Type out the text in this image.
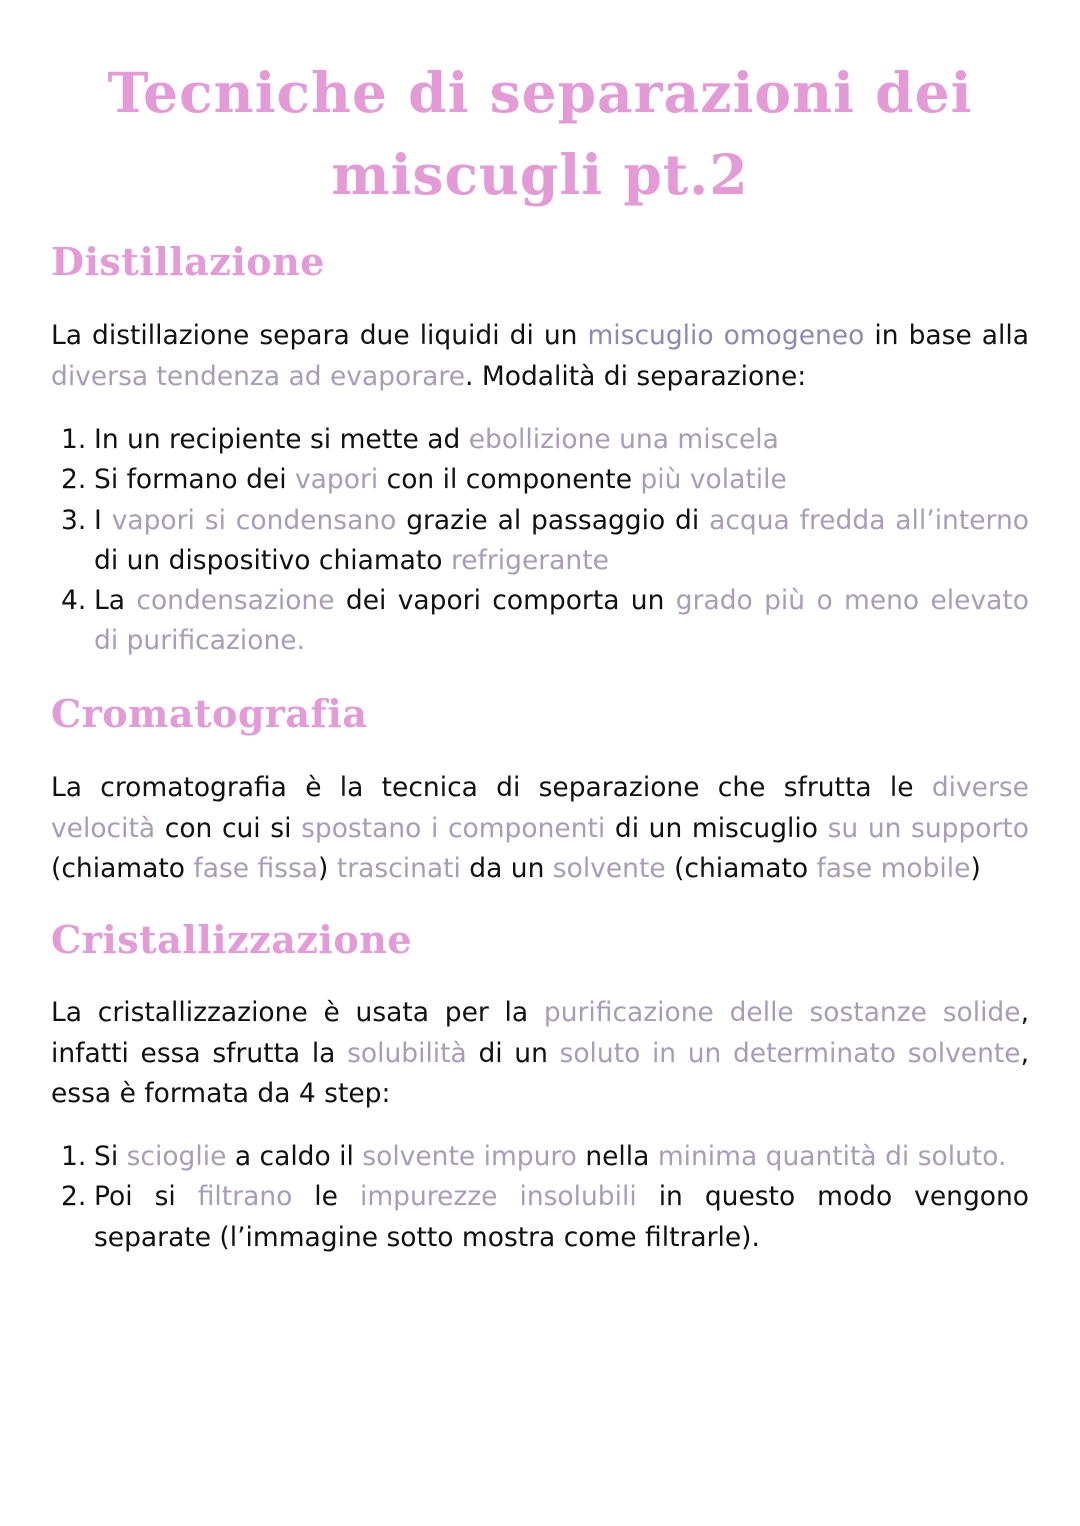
Tecniche di separazioni dei
miscugli pt.2
Distillazione

La distillazione separa due liquidi di un miscuglio omogeneo in base alla diversa tendenza ad evaporare. Modalità di separazione:

1. In un recipiente si mette ad ebollizione una miscela
2. Si formano dei vapori con il componente più volatile
3. I vapori si condensano grazie al passaggio di acqua fredda all’interno di un dispositivo chiamato refrigerante
4. La condensazione dei vapori comporta un grado più o meno elevato di purificazione.
Cromatografia

La cromatografia è la tecnica di separazione che sfrutta le diverse velocità con cui si spostano i componenti di un miscuglio su un supporto (chiamato fase fissa) trascinati da un solvente (chiamato fase mobile)

Cristallizzazione

La cristallizzazione è usata per la purificazione delle sostanze solide, infatti essa sfrutta la solubilità di un soluto in un determinato solvente, essa è formata da 4 step:

1. Si scioglie a caldo il solvente impuro nella minima quantità di soluto.
2. Poi si filtrano le impurezze insolubili in questo modo vengono separate (l’immagine sotto mostra come filtrarle).
